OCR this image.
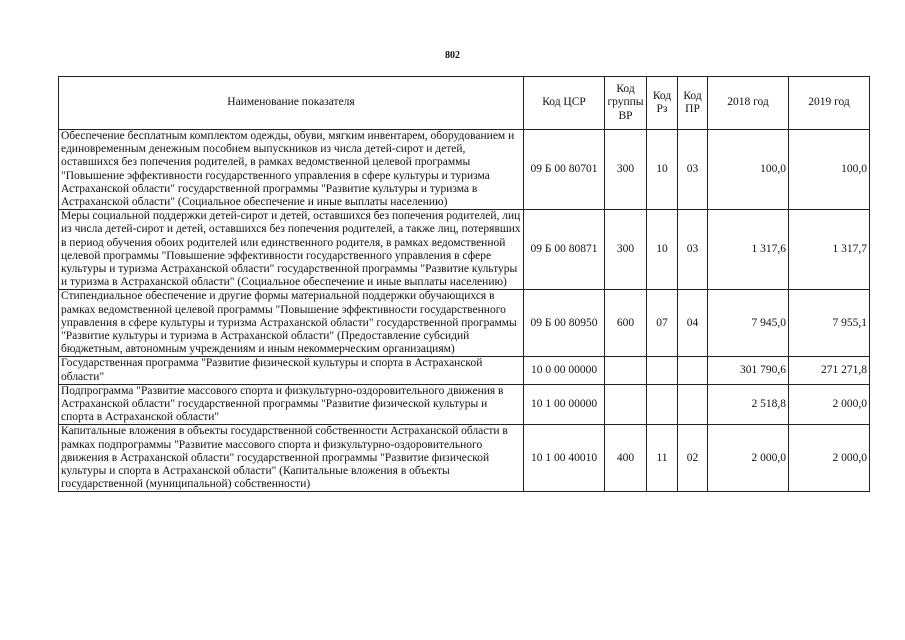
802
Наименование показателя	Код ЦСР	Код группы ВР	Код Рз	Код ПР	2018 год	2019 год
Обеспечение бесплатным комплектом одежды, обуви, мягким инвентарем, оборудованием и единовременным денежным пособием выпускников из числа детей-сирот и детей, оставшихся без попечения родителей, в рамках ведомственной целевой программы "Повышение эффективности государственного управления в сфере культуры и туризма Астраханской области" государственной программы "Развитие культуры и туризма в Астраханской области" (Социальное обеспечение и иные выплаты населению)	09 Б 00 80701	300	10	03	100,0	100,0
Меры социальной поддержки детей-сирот и детей, оставшихся без попечения родителей, лиц из числа детей-сирот и детей, оставшихся без попечения родителей, а также лиц, потерявших в период обучения обоих родителей или единственного родителя, в рамках ведомственной целевой программы "Повышение эффективности государственного управления в сфере культуры и туризма Астраханской области" государственной программы "Развитие культуры и туризма в Астраханской области" (Социальное обеспечение и иные выплаты населению)	09 Б 00 80871	300	10	03	1 317,6	1 317,7
Стипендиальное обеспечение и другие формы материальной поддержки обучающихся в рамках ведомственной целевой программы "Повышение эффективности государственного управления в сфере культуры и туризма Астраханской области" государственной программы "Развитие культуры и туризма в Астраханской области" (Предоставление субсидий бюджетным, автономным учреждениям и иным некоммерческим организациям)	09 Б 00 80950	600	07	04	7 945,0	7 955,1
Государственная программа "Развитие физической культуры и спорта в Астраханской области"	10 0 00 00000				301 790,6	271 271,8
Подпрограмма "Развитие массового спорта и физкультурно-оздоровительного движения в Астраханской области" государственной программы "Развитие физической культуры и спорта в Астраханской области"	10 1 00 00000				2 518,8	2 000,0
Капитальные вложения в объекты государственной собственности Астраханской области в рамках подпрограммы "Развитие массового спорта и физкультурно-оздоровительного движения в Астраханской области" государственной программы "Развитие физической культуры и спорта в Астраханской области" (Капитальные вложения в объекты государственной (муниципальной) собственности)	10 1 00 40010	400	11	02	2 000,0	2 000,0
